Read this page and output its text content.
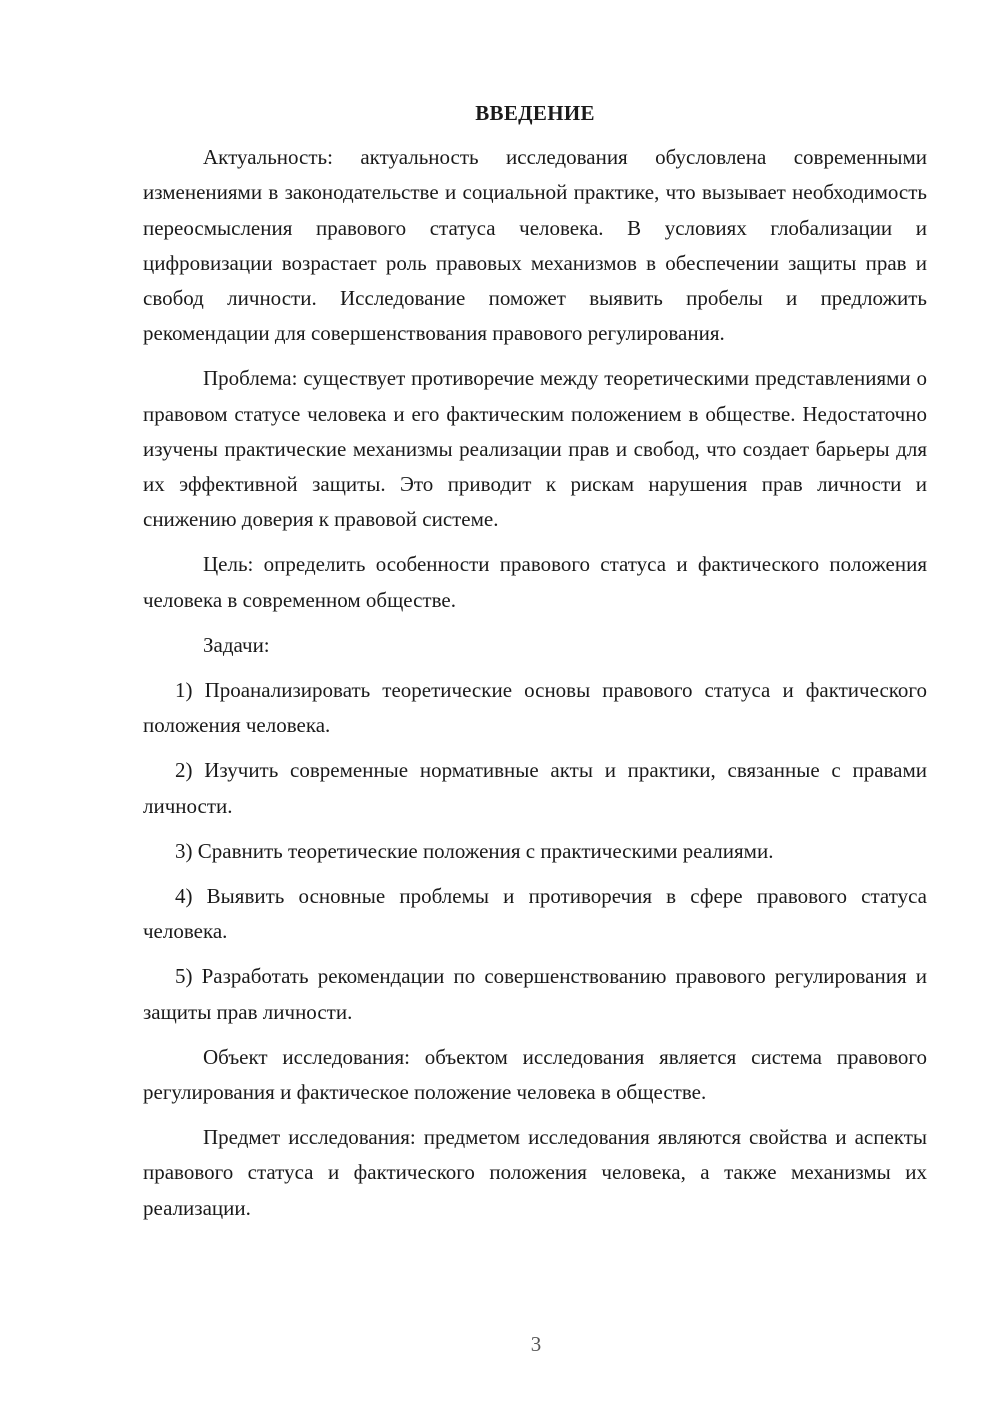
ВВЕДЕНИЕ

Актуальность: актуальность исследования обусловлена современными изменениями в законодательстве и социальной практике, что вызывает необходимость переосмысления правового статуса человека. В условиях глобализации и цифровизации возрастает роль правовых механизмов в обеспечении защиты прав и свобод личности. Исследование поможет выявить пробелы и предложить рекомендации для совершенствования правового регулирования.

Проблема: существует противоречие между теоретическими представлениями о правовом статусе человека и его фактическим положением в обществе. Недостаточно изучены практические механизмы реализации прав и свобод, что создает барьеры для их эффективной защиты. Это приводит к рискам нарушения прав личности и снижению доверия к правовой системе.

Цель: определить особенности правового статуса и фактического положения человека в современном обществе.

Задачи:

1) Проанализировать теоретические основы правового статуса и фактического положения человека.

2) Изучить современные нормативные акты и практики, связанные с правами личности.

3) Сравнить теоретические положения с практическими реалиями.

4) Выявить основные проблемы и противоречия в сфере правового статуса человека.

5) Разработать рекомендации по совершенствованию правового регулирования и защиты прав личности.

Объект исследования: объектом исследования является система правового регулирования и фактическое положение человека в обществе.

Предмет исследования: предметом исследования являются свойства и аспекты правового статуса и фактического положения человека, а также механизмы их реализации.

3
